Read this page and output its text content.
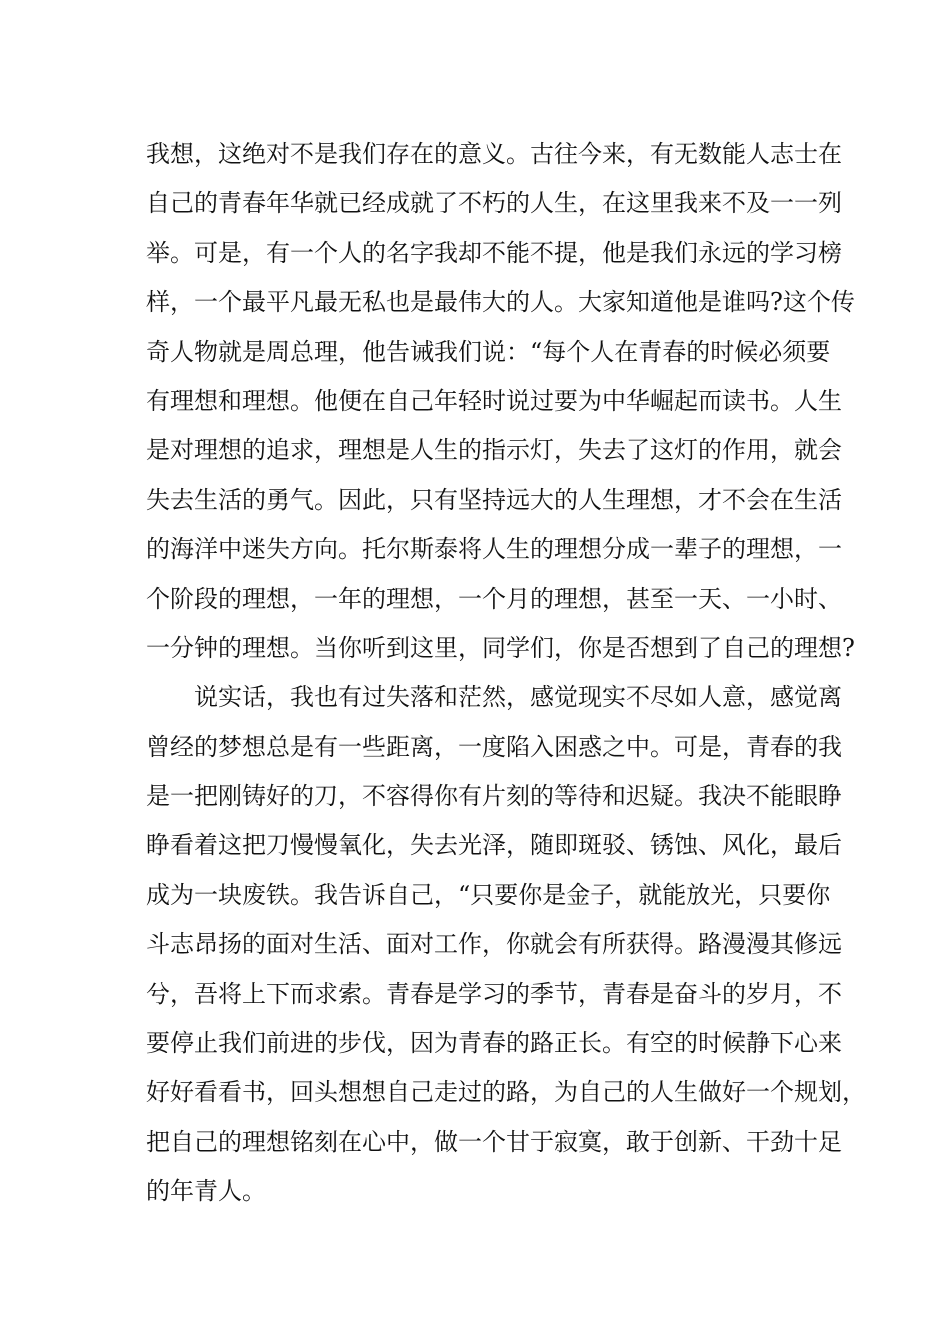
我想，这绝对不是我们存在的意义。古往今来，有无数能人志士在
自己的青春年华就已经成就了不朽的人生，在这里我来不及一一列
举。可是，有一个人的名字我却不能不提，他是我们永远的学习榜
样，一个最平凡最无私也是最伟大的人。大家知道他是谁吗?这个传
奇人物就是周总理，他告诫我们说：“每个人在青春的时候必须要
有理想和理想。他便在自己年轻时说过要为中华崛起而读书。人生
是对理想的追求，理想是人生的指示灯，失去了这灯的作用，就会
失去生活的勇气。因此，只有坚持远大的人生理想，才不会在生活
的海洋中迷失方向。托尔斯泰将人生的理想分成一辈子的理想，一
个阶段的理想，一年的理想，一个月的理想，甚至一天、一小时、
一分钟的理想。当你听到这里，同学们，你是否想到了自己的理想?
说实话，我也有过失落和茫然，感觉现实不尽如人意，感觉离
曾经的梦想总是有一些距离，一度陷入困惑之中。可是，青春的我
是一把刚铸好的刀，不容得你有片刻的等待和迟疑。我决不能眼睁
睁看着这把刀慢慢氧化，失去光泽，随即斑驳、锈蚀、风化，最后
成为一块废铁。我告诉自己，“只要你是金子，就能放光，只要你
斗志昂扬的面对生活、面对工作，你就会有所获得。路漫漫其修远
兮，吾将上下而求索。青春是学习的季节，青春是奋斗的岁月，不
要停止我们前进的步伐，因为青春的路正长。有空的时候静下心来
好好看看书，回头想想自己走过的路，为自己的人生做好一个规划，
把自己的理想铭刻在心中，做一个甘于寂寞，敢于创新、干劲十足
的年青人。
